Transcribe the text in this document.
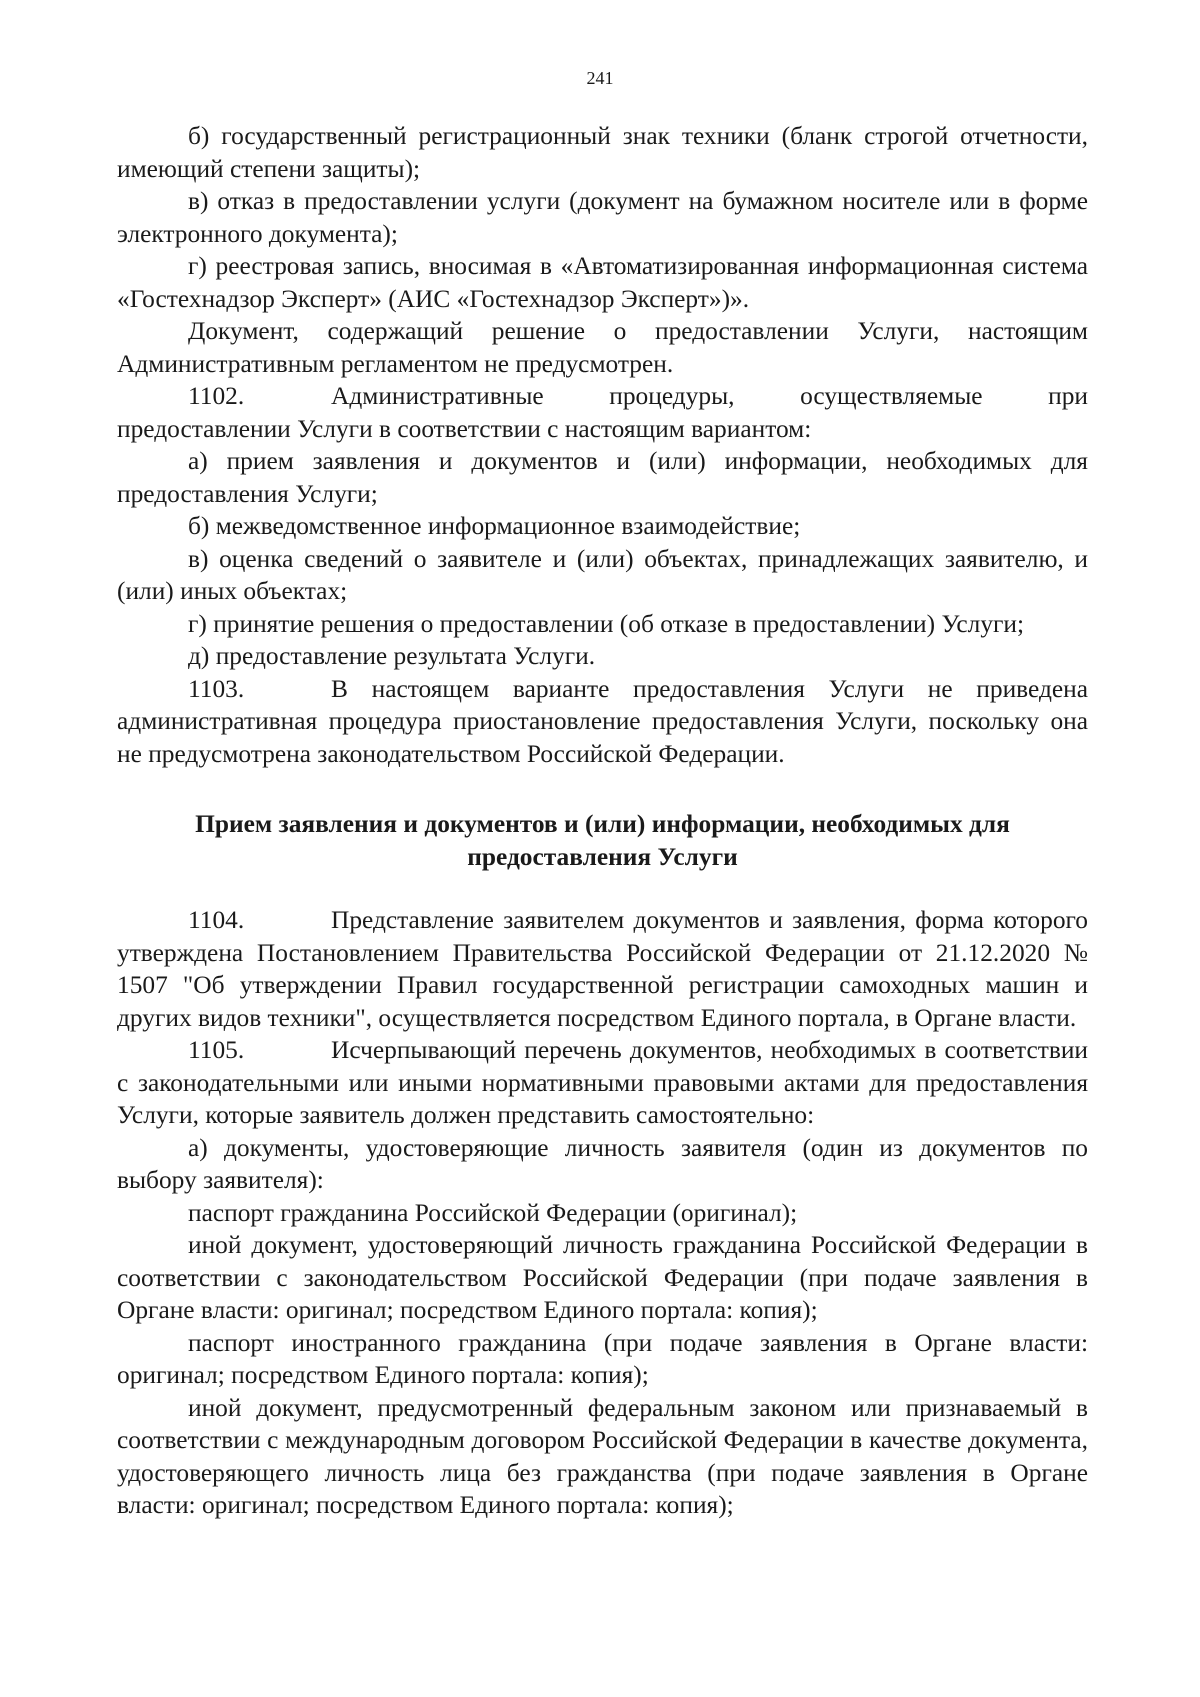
241

б) государственный регистрационный знак техники (бланк строгой отчетности, имеющий степени защиты);

в) отказ в предоставлении услуги (документ на бумажном носителе или в форме электронного документа);

г) реестровая запись, вносимая в «Автоматизированная информационная система «Гостехнадзор Эксперт» (АИС «Гостехнадзор Эксперт»)».

Документ, содержащий решение о предоставлении Услуги, настоящим Административным регламентом не предусмотрен.

1102.	Административные процедуры, осуществляемые при предоставлении Услуги в соответствии с настоящим вариантом:

а) прием заявления и документов и (или) информации, необходимых для предоставления Услуги;

б) межведомственное информационное взаимодействие;

в) оценка сведений о заявителе и (или) объектах, принадлежащих заявителю, и (или) иных объектах;

г) принятие решения о предоставлении (об отказе в предоставлении) Услуги;

д) предоставление результата Услуги.

1103.	В настоящем варианте предоставления Услуги не приведена административная процедура приостановление предоставления Услуги, поскольку она не предусмотрена законодательством Российской Федерации.

Прием заявления и документов и (или) информации, необходимых для
предоставления Услуги

1104.	Представление заявителем документов и заявления, форма которого утверждена Постановлением Правительства Российской Федерации от 21.12.2020 № 1507 "Об утверждении Правил государственной регистрации самоходных машин и других видов техники", осуществляется посредством Единого портала, в Органе власти.

1105.	Исчерпывающий перечень документов, необходимых в соответствии с законодательными или иными нормативными правовыми актами для предоставления Услуги, которые заявитель должен представить самостоятельно:

а) документы, удостоверяющие личность заявителя (один из документов по выбору заявителя):

паспорт гражданина Российской Федерации (оригинал);

иной документ, удостоверяющий личность гражданина Российской Федерации в соответствии с законодательством Российской Федерации (при подаче заявления в Органе власти: оригинал; посредством Единого портала: копия);

паспорт иностранного гражданина (при подаче заявления в Органе власти: оригинал; посредством Единого портала: копия);

иной документ, предусмотренный федеральным законом или признаваемый в соответствии с международным договором Российской Федерации в качестве документа, удостоверяющего личность лица без гражданства (при подаче заявления в Органе власти: оригинал; посредством Единого портала: копия);
